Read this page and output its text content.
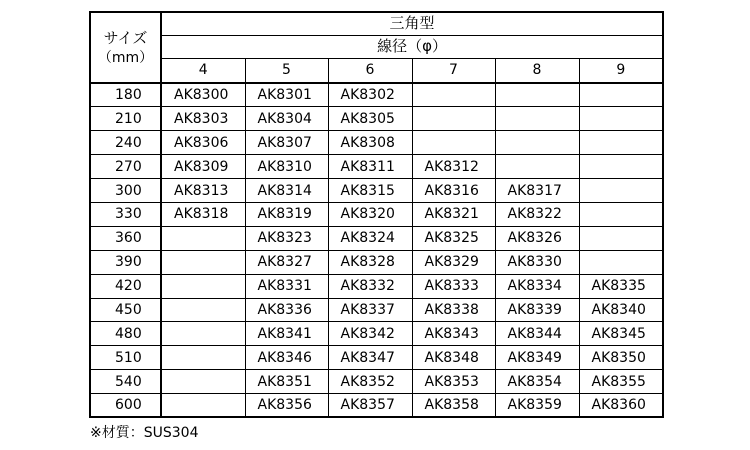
サイズ
（mm）	三角型					
	線径（φ）					
	4	5	6	7	8	9
180	AK8300	AK8301	AK8302			
210	AK8303	AK8304	AK8305			
240	AK8306	AK8307	AK8308			
270	AK8309	AK8310	AK8311	AK8312		
300	AK8313	AK8314	AK8315	AK8316	AK8317	
330	AK8318	AK8319	AK8320	AK8321	AK8322	
360		AK8323	AK8324	AK8325	AK8326	
390		AK8327	AK8328	AK8329	AK8330	
420		AK8331	AK8332	AK8333	AK8334	AK8335
450		AK8336	AK8337	AK8338	AK8339	AK8340
480		AK8341	AK8342	AK8343	AK8344	AK8345
510		AK8346	AK8347	AK8348	AK8349	AK8350
540		AK8351	AK8352	AK8353	AK8354	AK8355
600		AK8356	AK8357	AK8358	AK8359	AK8360
※材質：SUS304
